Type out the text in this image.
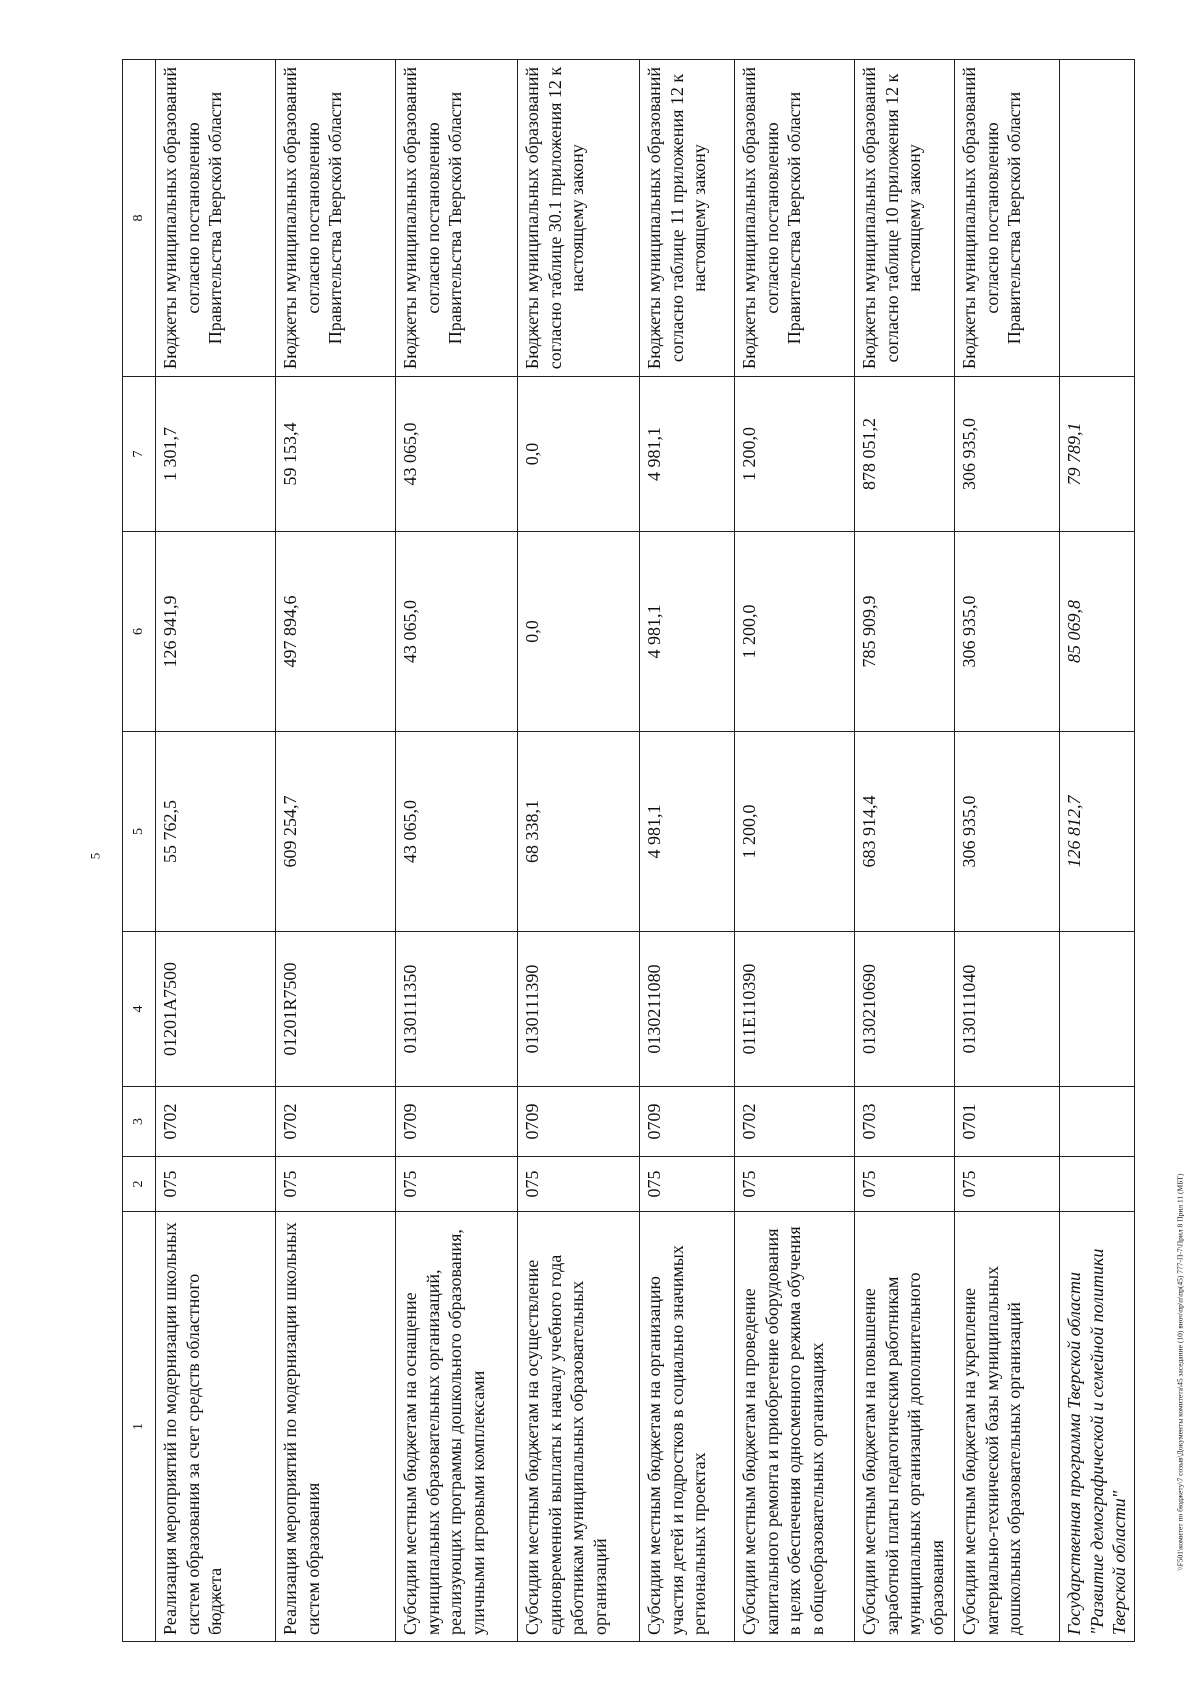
5
1	2	3	4	5	6	7	8
Реализация мероприятий по модернизации школьных систем образования за счет средств областного бюджета	075	0702	01201A7500	55 762,5	126 941,9	1 301,7	Бюджеты муниципальных образований согласно постановлению Правительства Тверской области
Реализация мероприятий по модернизации школьных систем образования	075	0702	01201R7500	609 254,7	497 894,6	59 153,4	Бюджеты муниципальных образований согласно постановлению Правительства Тверской области
Субсидии местным бюджетам на оснащение муниципальных образовательных организаций, реализующих программы дошкольного образования, уличными игровыми комплексами	075	0709	0130111350	43 065,0	43 065,0	43 065,0	Бюджеты муниципальных образований согласно постановлению Правительства Тверской области
Субсидии местным бюджетам на осуществление единовременной выплаты к началу учебного года работникам муниципальных образовательных организаций	075	0709	0130111390	68 338,1	0,0	0,0	Бюджеты муниципальных образований согласно таблице 30.1 приложения 12 к настоящему закону
Субсидии местным бюджетам на организацию участия детей и подростков в социально значимых региональных проектах	075	0709	0130211080	4 981,1	4 981,1	4 981,1	Бюджеты муниципальных образований согласно таблице 11 приложения 12 к настоящему закону
Субсидии местным бюджетам на проведение капитального ремонта и приобретение оборудования в целях обеспечения односменного режима обучения в общеобразовательных организациях	075	0702	011E110390	1 200,0	1 200,0	1 200,0	Бюджеты муниципальных образований согласно постановлению Правительства Тверской области
Субсидии местным бюджетам на повышение заработной платы педагогическим работникам муниципальных организаций дополнительного образования	075	0703	0130210690	683 914,4	785 909,9	878 051,2	Бюджеты муниципальных образований согласно таблице 10 приложения 12 к настоящему закону
Субсидии местным бюджетам на укрепление материально-технической базы муниципальных дошкольных образовательных организаций	075	0701	0130111040	306 935,0	306 935,0	306 935,0	Бюджеты муниципальных образований согласно постановлению Правительства Тверской области
Государственная программа Тверской области "Развитие демографической и семейной политики Тверской области"				126 812,7	85 069,8	79 789,1	
\\F501\комитет по бюджету\7 созыв\Документы комитета\45 заседание (10) вноч\пр\п\пр(45) 777-П-7\Прил 8 Прил 11 (МБТ)
